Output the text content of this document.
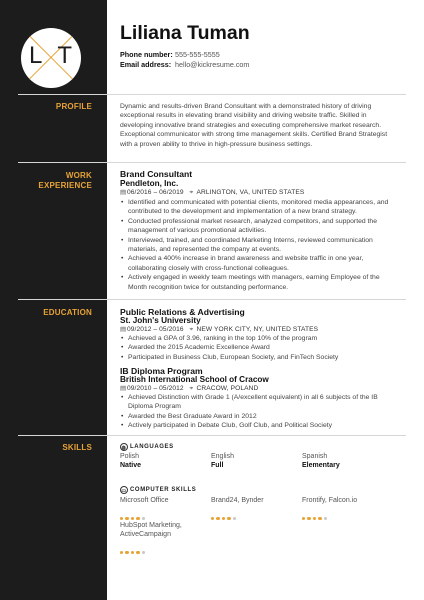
L T
Liliana Tuman
Phone number: 555-555-5555
Email address: hello@kickresume.com
PROFILE	Dynamic and results-driven Brand Consultant with a demonstrated history of driving exceptional results in elevating brand visibility and driving website traffic. Skilled in developing innovative brand strategies and executing comprehensive market research. Exceptional communicator with strong time management skills. Certified Brand Strategist with a proven ability to thrive in high-pressure business settings.
WORK
EXPERIENCE
Brand Consultant
Pendleton, Inc.
▤06/2016 – 06/2019 ⌖ ARLINGTON, VA, UNITED STATES
• Identified and communicated with potential clients, monitored media appearances, and contributed to the development and implementation of a new brand strategy.
• Conducted professional market research, analyzed competitors, and supported the management of various promotional activities.
• Interviewed, trained, and coordinated Marketing Interns, reviewed communication materials, and represented the company at events.
• Achieved a 400% increase in brand awareness and website traffic in one year, collaborating closely with cross-functional colleagues.
• Actively engaged in weekly team meetings with managers, earning Employee of the Month recognition twice for outstanding performance.
EDUCATION	Public Relations & Advertising
St. John's University
▤09/2012 – 05/2016 ⌖ NEW YORK CITY, NY, UNITED STATES
• Achieved a GPA of 3.96, ranking in the top 10% of the program
• Awarded the 2015 Academic Excellence Award
• Participated in Business Club, European Society, and FinTech Society
IB Diploma Program
British International School of Cracow
▤09/2010 – 05/2012 ⌖ CRACOW, POLAND
• Achieved Distinction with Grade 1 (A/excellent equivalent) in all 6 subjects of the IB Diploma Program
• Awarded the Best Graduate Award in 2012
• Actively participated in Debate Club, Golf Club, and Political Society
SKILLS	◍ LANGUAGES
Polish
Native
English
Full
Spanish
Elementary
▭ COMPUTER SKILLS
Microsoft Office	Brand24, Bynder	Frontify, Falcon.io
HubSpot Marketing, ActiveCampaign
